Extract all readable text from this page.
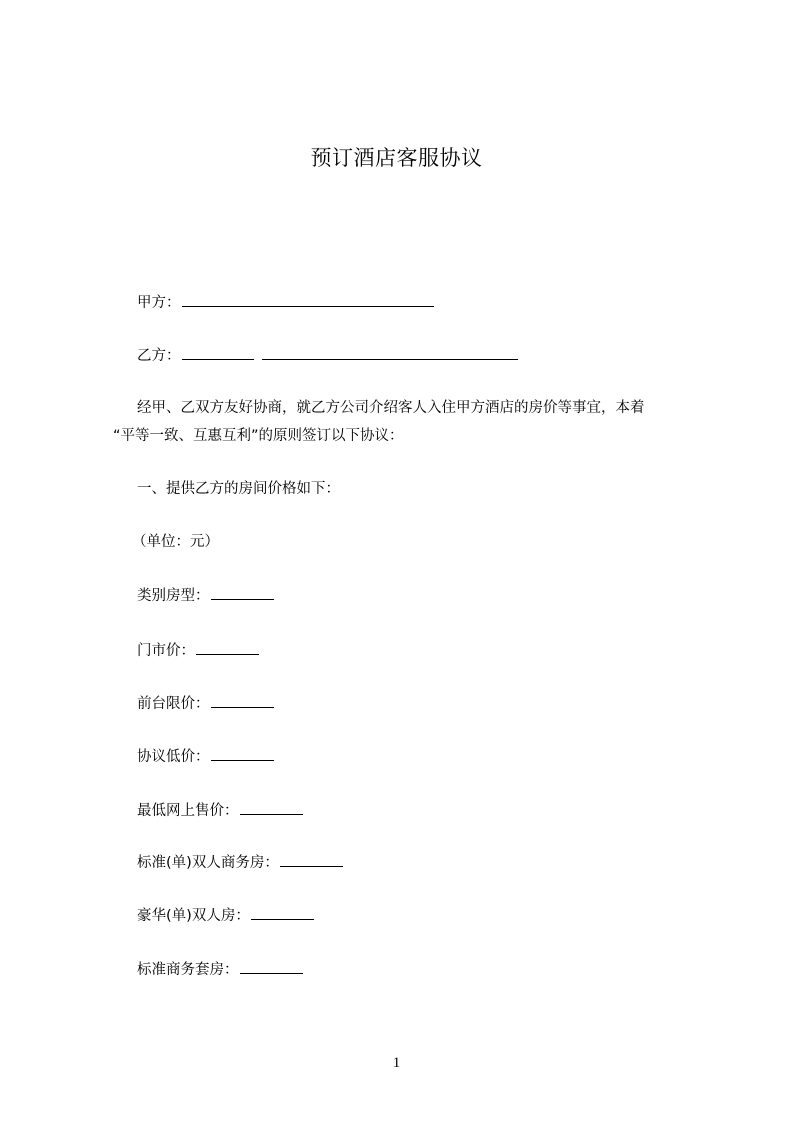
预订酒店客服协议
甲方：
乙方：
经甲、乙双方友好协商，就乙方公司介绍客人入住甲方酒店的房价等事宜，本着
“平等一致、互惠互利”的原则签订以下协议：
一、提供乙方的房间价格如下：
（单位：元）
类别房型：
门市价：
前台限价：
协议低价：
最低网上售价：
标准(单)双人商务房：
豪华(单)双人房：
标准商务套房：
1
